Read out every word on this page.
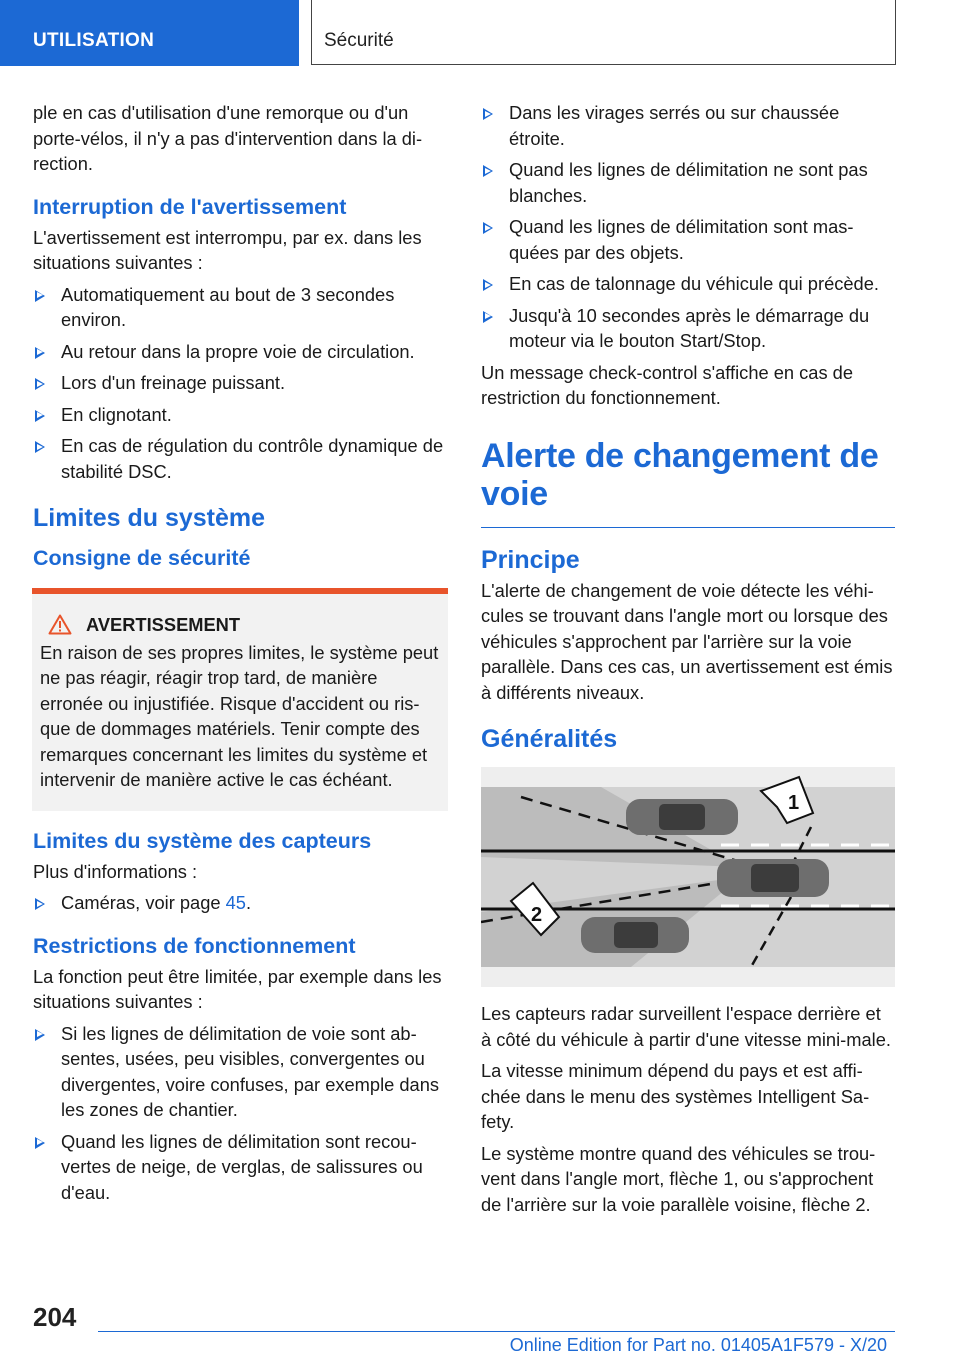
UTILISATION	Sécurité

ple en cas d'utilisation d'une remorque ou d'un porte-vélos, il n'y a pas d'intervention dans la di-rection.

Interruption de l'avertissement

L'avertissement est interrompu, par ex. dans les situations suivantes :

Automatiquement au bout de 3 secondes environ.
Au retour dans la propre voie de circulation.
Lors d'un freinage puissant.
En clignotant.
En cas de régulation du contrôle dynamique de stabilité DSC.
Limites du système
Consigne de sécurité
AVERTISSEMENT
En raison de ses propres limites, le système peut ne pas réagir, réagir trop tard, de manière erronée ou injustifiée. Risque d'accident ou ris-que de dommages matériels. Tenir compte des remarques concernant les limites du système et intervenir de manière active le cas échéant.
Limites du système des capteurs

Plus d'informations :

Caméras, voir page 45.
Restrictions de fonctionnement

La fonction peut être limitée, par exemple dans les situations suivantes :

Si les lignes de délimitation de voie sont ab-sentes, usées, peu visibles, convergentes ou divergentes, voire confuses, par exemple dans les zones de chantier.
Quand les lignes de délimitation sont recou-vertes de neige, de verglas, de salissures ou d'eau.
Dans les virages serrés ou sur chaussée étroite.
Quand les lignes de délimitation ne sont pas blanches.
Quand les lignes de délimitation sont mas-quées par des objets.
En cas de talonnage du véhicule qui précède.
Jusqu'à 10 secondes après le démarrage du moteur via le bouton Start/Stop.

Un message check-control s'affiche en cas de restriction du fonctionnement.

Alerte de changement de
voie
Principe

L'alerte de changement de voie détecte les véhi-cules se trouvant dans l'angle mort ou lorsque des véhicules s'approchent par l'arrière sur la voie parallèle. Dans ces cas, un avertissement est émis à différents niveaux.

Généralités
1
2

Les capteurs radar surveillent l'espace derrière et à côté du véhicule à partir d'une vitesse mini-male.

La vitesse minimum dépend du pays et est affi-chée dans le menu des systèmes Intelligent Sa-fety.

Le système montre quand des véhicules se trou-vent dans l'angle mort, flèche 1, ou s'approchent de l'arrière sur la voie parallèle voisine, flèche 2.

204
Online Edition for Part no. 01405A1F579 - X/20
